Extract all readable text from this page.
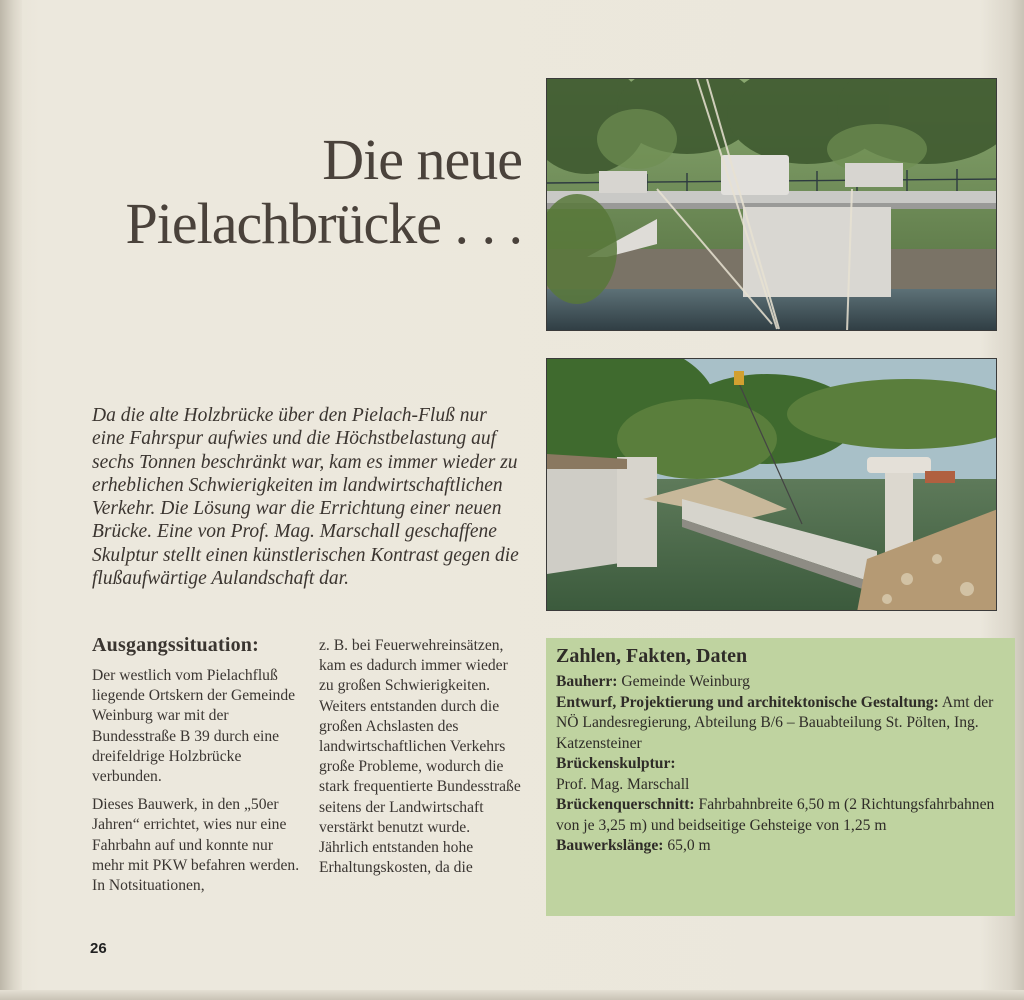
Die neue
Pielachbrücke . . .

Da die alte Holzbrücke über den Pielach-Fluß nur eine Fahrspur aufwies und die Höchstbelastung auf sechs Tonnen beschränkt war, kam es immer wieder zu erheblichen Schwierigkeiten im landwirtschaftlichen Verkehr. Die Lösung war die Errichtung einer neuen Brücke. Eine von Prof. Mag. Marschall geschaffene Skulptur stellt einen künstlerischen Kontrast gegen die flußaufwärtige Aulandschaft dar.

Ausgangssituation:

Der westlich vom Pielachfluß liegende Ortskern der Gemeinde Weinburg war mit der Bundesstraße B 39 durch eine dreifeldrige Holzbrücke verbunden.

Dieses Bauwerk, in den „50er Jahren“ errichtet, wies nur eine Fahrbahn auf und konnte nur mehr mit PKW befahren werden. In Notsituationen,

z. B. bei Feuerwehreinsätzen, kam es dadurch immer wieder zu großen Schwierigkeiten.

Weiters entstanden durch die großen Achslasten des landwirtschaftlichen Verkehrs große Probleme, wodurch die stark frequentierte Bundesstraße seitens der Landwirtschaft verstärkt benutzt wurde. Jährlich entstanden hohe Erhaltungskosten, da die

Zahlen, Fakten, Daten
Bauherr: Gemeinde Weinburg
Entwurf, Projektierung und architektonische Gestaltung: Amt der NÖ Landesregierung, Abteilung B/6 – Bauabteilung St. Pölten, Ing. Katzensteiner
Brückenskulptur:
Prof. Mag. Marschall
Brückenquerschnitt: Fahrbahnbreite 6,50 m (2 Richtungsfahrbahnen von je 3,25 m) und beidseitige Gehsteige von 1,25 m
Bauwerkslänge: 65,0 m
26
